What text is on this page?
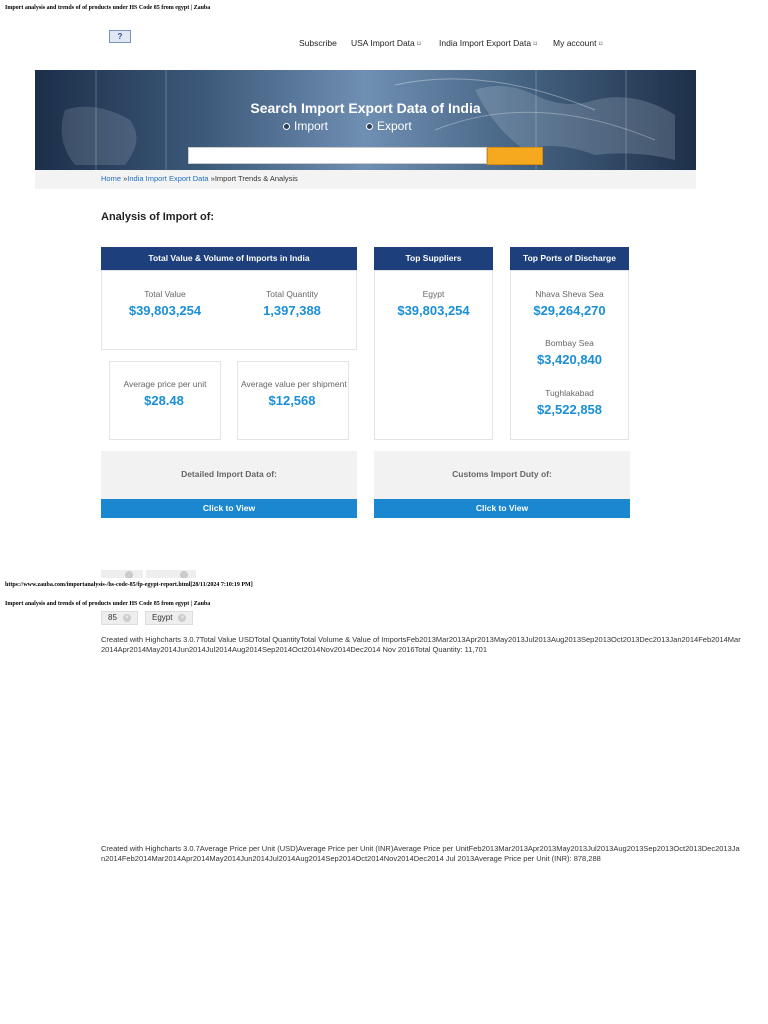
Import analysis and trends of of products under HS Code 85 from egypt | Zauba
?
Subscribe USA Import Data ⌑ India Import Export Data ⌑ My account ⌑
Search Import Export Data of India
Import	Export
Home »India Import Export Data »Import Trends & Analysis
Analysis of Import of:
Total Value & Volume of Imports in India
Total Value
$39,803,254
Total Quantity
1,397,388
Average price per unit
$28.48
Average value per shipment
$12,568
Top Suppliers
Egypt
$39,803,254
Top Ports of Discharge
Nhava Sheva Sea
$29,264,270
Bombay Sea
$3,420,840
Tughlakabad
$2,522,858
Detailed Import Data of:
Click to View
Customs Import Duty of:
Click to View
https://www.zauba.com/importanalysis-/hs-code-85/fp-egypt-report.html[28/11/2024 7:10:19 PM]
Import analysis and trends of of products under HS Code 85 from egypt | Zauba
85	×	Egypt	×
Created with Highcharts 3.0.7Total Value USDTotal QuantityTotal Volume & Value of ImportsFeb2013Mar2013Apr2013May2013Jul2013Aug2013Sep2013Oct2013Dec2013Jan2014Feb2014Mar2014Apr2014May2014Jun2014Jul2014Aug2014Sep2014Oct2014Nov2014Dec2014 Nov 2016Total Quantity: 11,701
Created with Highcharts 3.0.7Average Price per Unit (USD)Average Price per Unit (INR)Average Price per UnitFeb2013Mar2013Apr2013May2013Jul2013Aug2013Sep2013Oct2013Dec2013Jan2014Feb2014Mar2014Apr2014May2014Jun2014Jul2014Aug2014Sep2014Oct2014Nov2014Dec2014 Jul 2013Average Price per Unit (INR): 878,288
